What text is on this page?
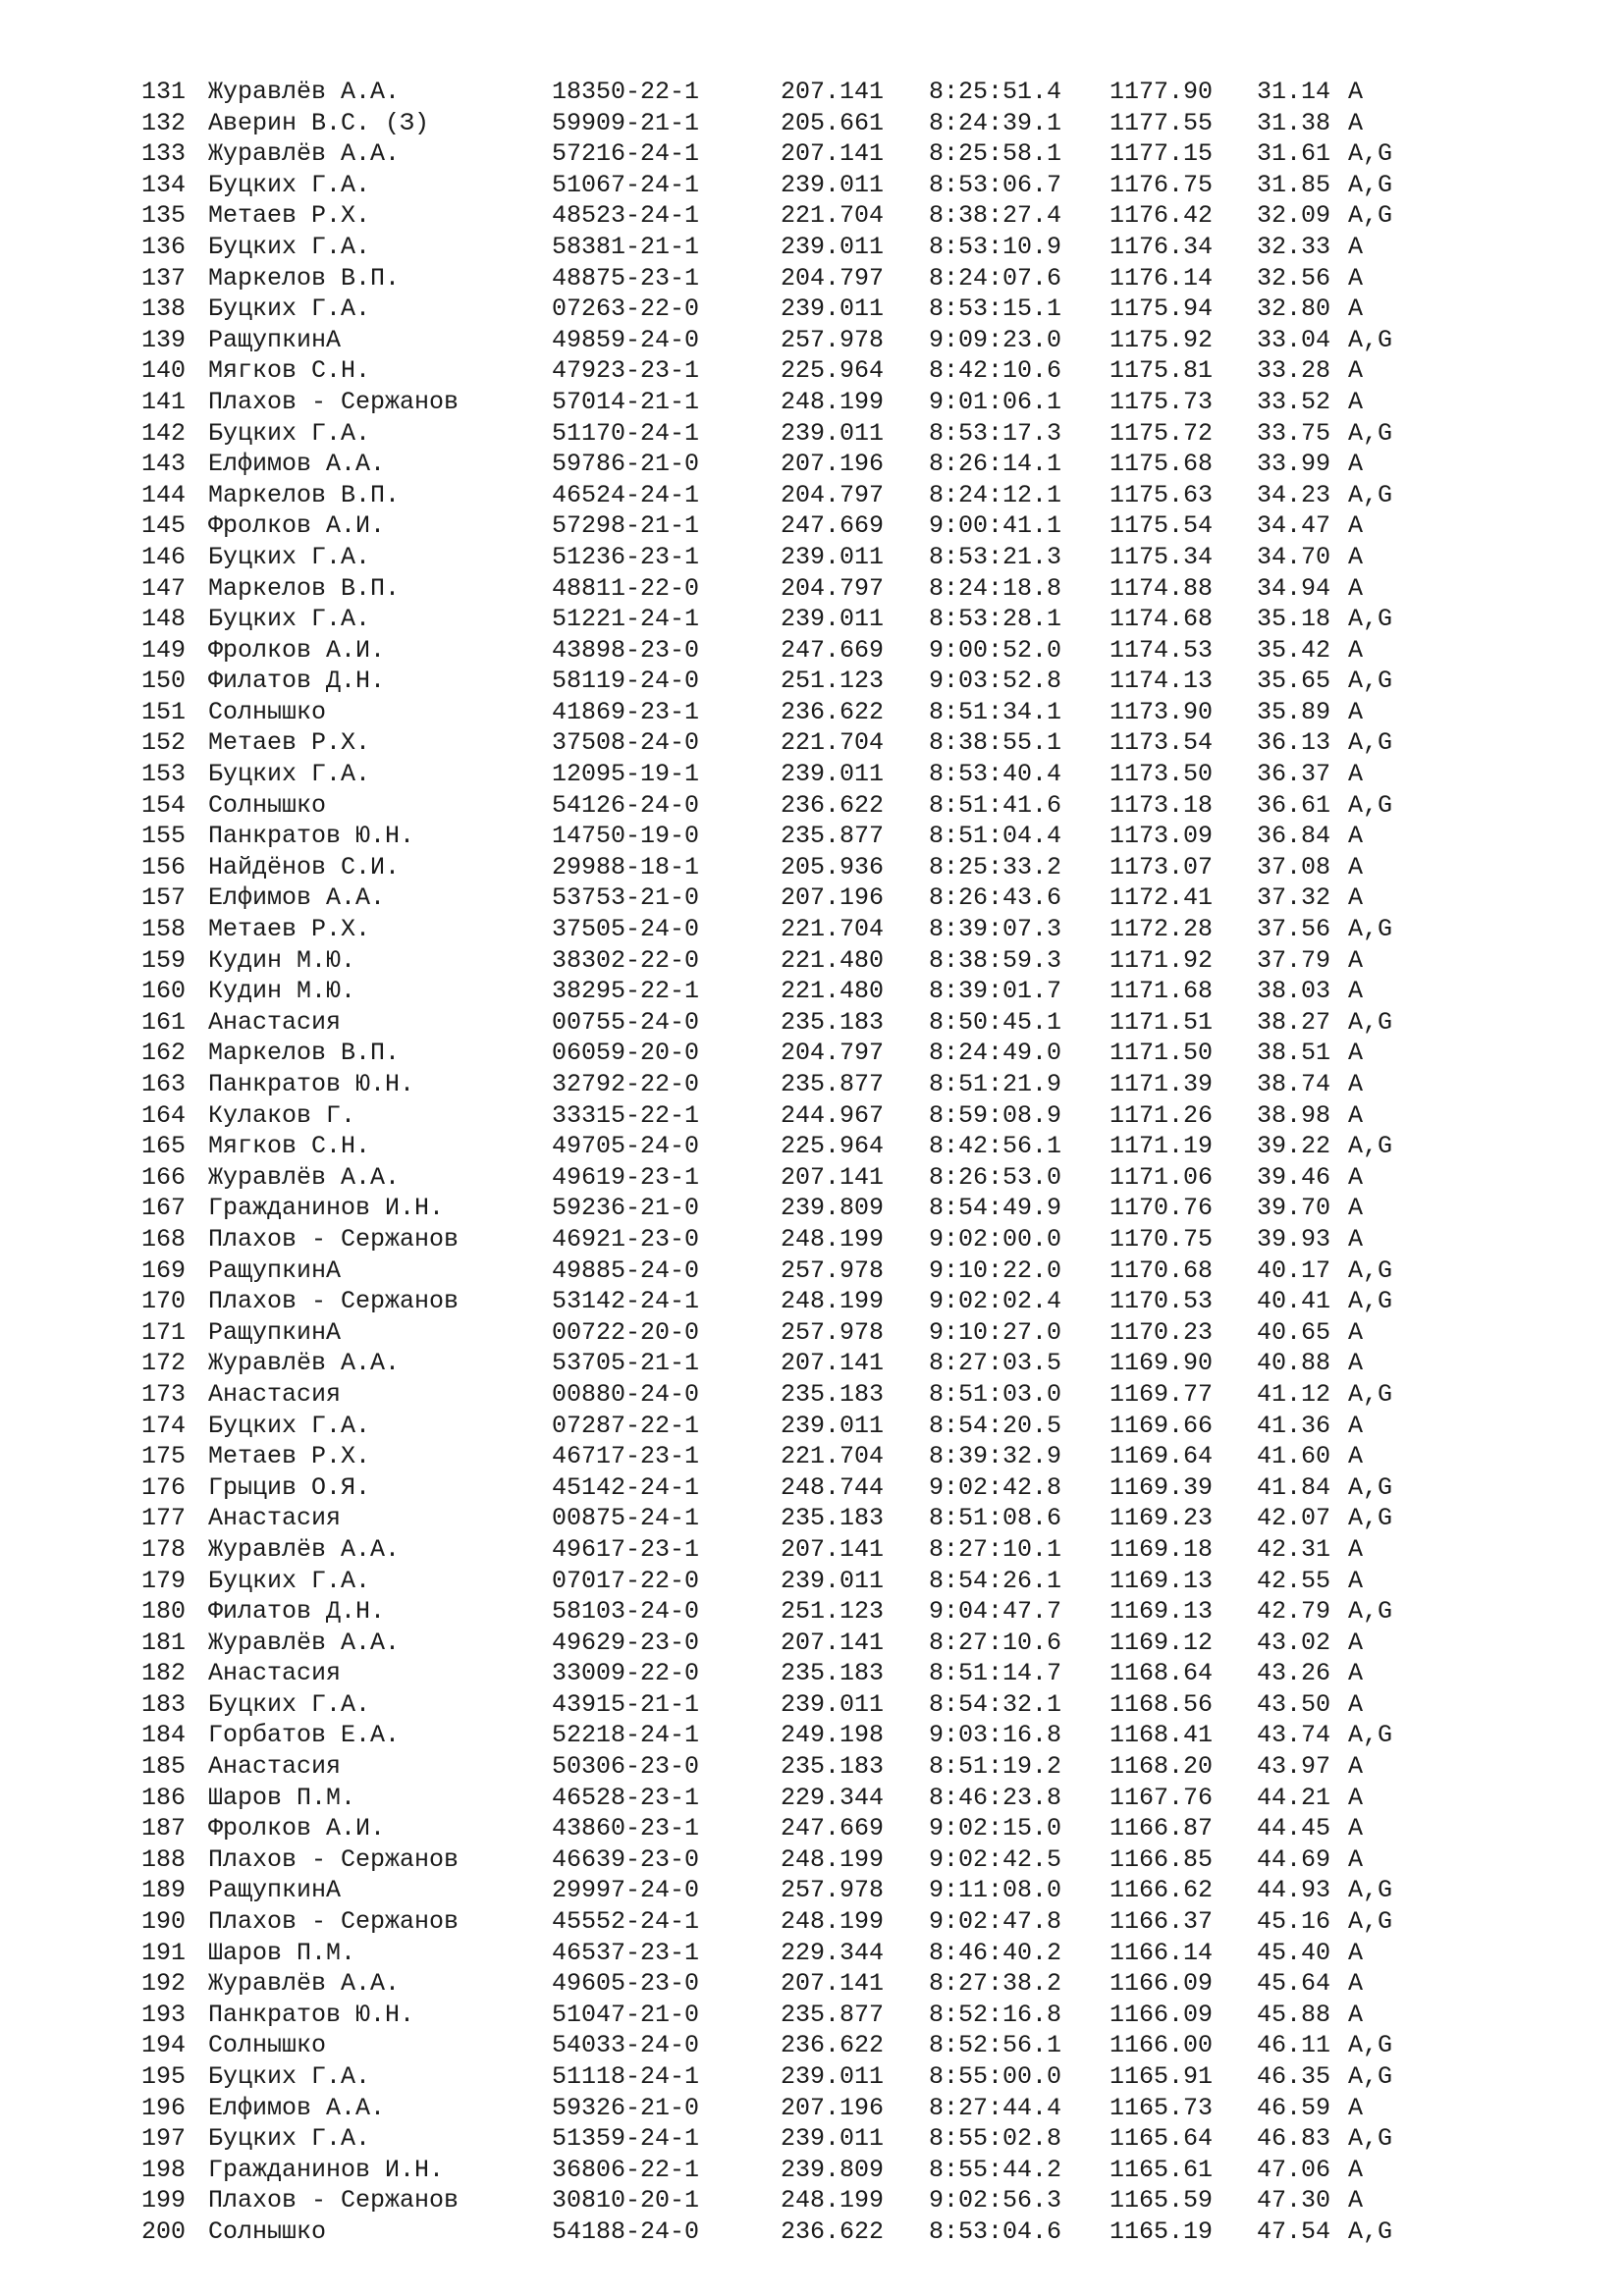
131 Журавлёв А.А.	18350-22-1	207.141 8:25:51.4 1177.90 31.14 A
132 Аверин В.С. (З)	59909-21-1	205.661 8:24:39.1 1177.55 31.38 A
133 Журавлёв А.А.	57216-24-1	207.141 8:25:58.1 1177.15 31.61 A,G
134 Буцких Г.А.	51067-24-1	239.011 8:53:06.7 1176.75 31.85 A,G
135 Метаев Р.Х.	48523-24-1	221.704 8:38:27.4 1176.42 32.09 A,G
136 Буцких Г.А.	58381-21-1	239.011 8:53:10.9 1176.34 32.33 A
137 Маркелов В.П.	48875-23-1	204.797 8:24:07.6 1176.14 32.56 A
138 Буцких Г.А.	07263-22-0	239.011 8:53:15.1 1175.94 32.80 A
139 РащупкинА	49859-24-0	257.978 9:09:23.0 1175.92 33.04 A,G
140 Мягков С.Н.	47923-23-1	225.964 8:42:10.6 1175.81 33.28 A
141 Плахов - Сержанов	57014-21-1	248.199 9:01:06.1 1175.73 33.52 A
142 Буцких Г.А.	51170-24-1	239.011 8:53:17.3 1175.72 33.75 A,G
143 Елфимов А.А.	59786-21-0	207.196 8:26:14.1 1175.68 33.99 A
144 Маркелов В.П.	46524-24-1	204.797 8:24:12.1 1175.63 34.23 A,G
145 Фролков А.И.	57298-21-1	247.669 9:00:41.1 1175.54 34.47 A
146 Буцких Г.А.	51236-23-1	239.011 8:53:21.3 1175.34 34.70 A
147 Маркелов В.П.	48811-22-0	204.797 8:24:18.8 1174.88 34.94 A
148 Буцких Г.А.	51221-24-1	239.011 8:53:28.1 1174.68 35.18 A,G
149 Фролков А.И.	43898-23-0	247.669 9:00:52.0 1174.53 35.42 A
150 Филатов Д.Н.	58119-24-0	251.123 9:03:52.8 1174.13 35.65 A,G
151 Солнышко	41869-23-1	236.622 8:51:34.1 1173.90 35.89 A
152 Метаев Р.Х.	37508-24-0	221.704 8:38:55.1 1173.54 36.13 A,G
153 Буцких Г.А.	12095-19-1	239.011 8:53:40.4 1173.50 36.37 A
154 Солнышко	54126-24-0	236.622 8:51:41.6 1173.18 36.61 A,G
155 Панкратов Ю.Н.	14750-19-0	235.877 8:51:04.4 1173.09 36.84 A
156 Найдёнов С.И.	29988-18-1	205.936 8:25:33.2 1173.07 37.08 A
157 Елфимов А.А.	53753-21-0	207.196 8:26:43.6 1172.41 37.32 A
158 Метаев Р.Х.	37505-24-0	221.704 8:39:07.3 1172.28 37.56 A,G
159 Кудин М.Ю.	38302-22-0	221.480 8:38:59.3 1171.92 37.79 A
160 Кудин М.Ю.	38295-22-1	221.480 8:39:01.7 1171.68 38.03 A
161 Анастасия	00755-24-0	235.183 8:50:45.1 1171.51 38.27 A,G
162 Маркелов В.П.	06059-20-0	204.797 8:24:49.0 1171.50 38.51 A
163 Панкратов Ю.Н.	32792-22-0	235.877 8:51:21.9 1171.39 38.74 A
164 Кулаков Г.	33315-22-1	244.967 8:59:08.9 1171.26 38.98 A
165 Мягков С.Н.	49705-24-0	225.964 8:42:56.1 1171.19 39.22 A,G
166 Журавлёв А.А.	49619-23-1	207.141 8:26:53.0 1171.06 39.46 A
167 Гражданинов И.Н.	59236-21-0	239.809 8:54:49.9 1170.76 39.70 A
168 Плахов - Сержанов	46921-23-0	248.199 9:02:00.0 1170.75 39.93 A
169 РащупкинА	49885-24-0	257.978 9:10:22.0 1170.68 40.17 A,G
170 Плахов - Сержанов	53142-24-1	248.199 9:02:02.4 1170.53 40.41 A,G
171 РащупкинА	00722-20-0	257.978 9:10:27.0 1170.23 40.65 A
172 Журавлёв А.А.	53705-21-1	207.141 8:27:03.5 1169.90 40.88 A
173 Анастасия	00880-24-0	235.183 8:51:03.0 1169.77 41.12 A,G
174 Буцких Г.А.	07287-22-1	239.011 8:54:20.5 1169.66 41.36 A
175 Метаев Р.Х.	46717-23-1	221.704 8:39:32.9 1169.64 41.60 A
176 Грыцив О.Я.	45142-24-1	248.744 9:02:42.8 1169.39 41.84 A,G
177 Анастасия	00875-24-1	235.183 8:51:08.6 1169.23 42.07 A,G
178 Журавлёв А.А.	49617-23-1	207.141 8:27:10.1 1169.18 42.31 A
179 Буцких Г.А.	07017-22-0	239.011 8:54:26.1 1169.13 42.55 A
180 Филатов Д.Н.	58103-24-0	251.123 9:04:47.7 1169.13 42.79 A,G
181 Журавлёв А.А.	49629-23-0	207.141 8:27:10.6 1169.12 43.02 A
182 Анастасия	33009-22-0	235.183 8:51:14.7 1168.64 43.26 A
183 Буцких Г.А.	43915-21-1	239.011 8:54:32.1 1168.56 43.50 A
184 Горбатов Е.А.	52218-24-1	249.198 9:03:16.8 1168.41 43.74 A,G
185 Анастасия	50306-23-0	235.183 8:51:19.2 1168.20 43.97 A
186 Шаров П.М.	46528-23-1	229.344 8:46:23.8 1167.76 44.21 A
187 Фролков А.И.	43860-23-1	247.669 9:02:15.0 1166.87 44.45 A
188 Плахов - Сержанов	46639-23-0	248.199 9:02:42.5 1166.85 44.69 A
189 РащупкинА	29997-24-0	257.978 9:11:08.0 1166.62 44.93 A,G
190 Плахов - Сержанов	45552-24-1	248.199 9:02:47.8 1166.37 45.16 A,G
191 Шаров П.М.	46537-23-1	229.344 8:46:40.2 1166.14 45.40 A
192 Журавлёв А.А.	49605-23-0	207.141 8:27:38.2 1166.09 45.64 A
193 Панкратов Ю.Н.	51047-21-0	235.877 8:52:16.8 1166.09 45.88 A
194 Солнышко	54033-24-0	236.622 8:52:56.1 1166.00 46.11 A,G
195 Буцких Г.А.	51118-24-1	239.011 8:55:00.0 1165.91 46.35 A,G
196 Елфимов А.А.	59326-21-0	207.196 8:27:44.4 1165.73 46.59 A
197 Буцких Г.А.	51359-24-1	239.011 8:55:02.8 1165.64 46.83 A,G
198 Гражданинов И.Н.	36806-22-1	239.809 8:55:44.2 1165.61 47.06 A
199 Плахов - Сержанов	30810-20-1	248.199 9:02:56.3 1165.59 47.30 A
200 Солнышко	54188-24-0	236.622 8:53:04.6 1165.19 47.54 A,G
